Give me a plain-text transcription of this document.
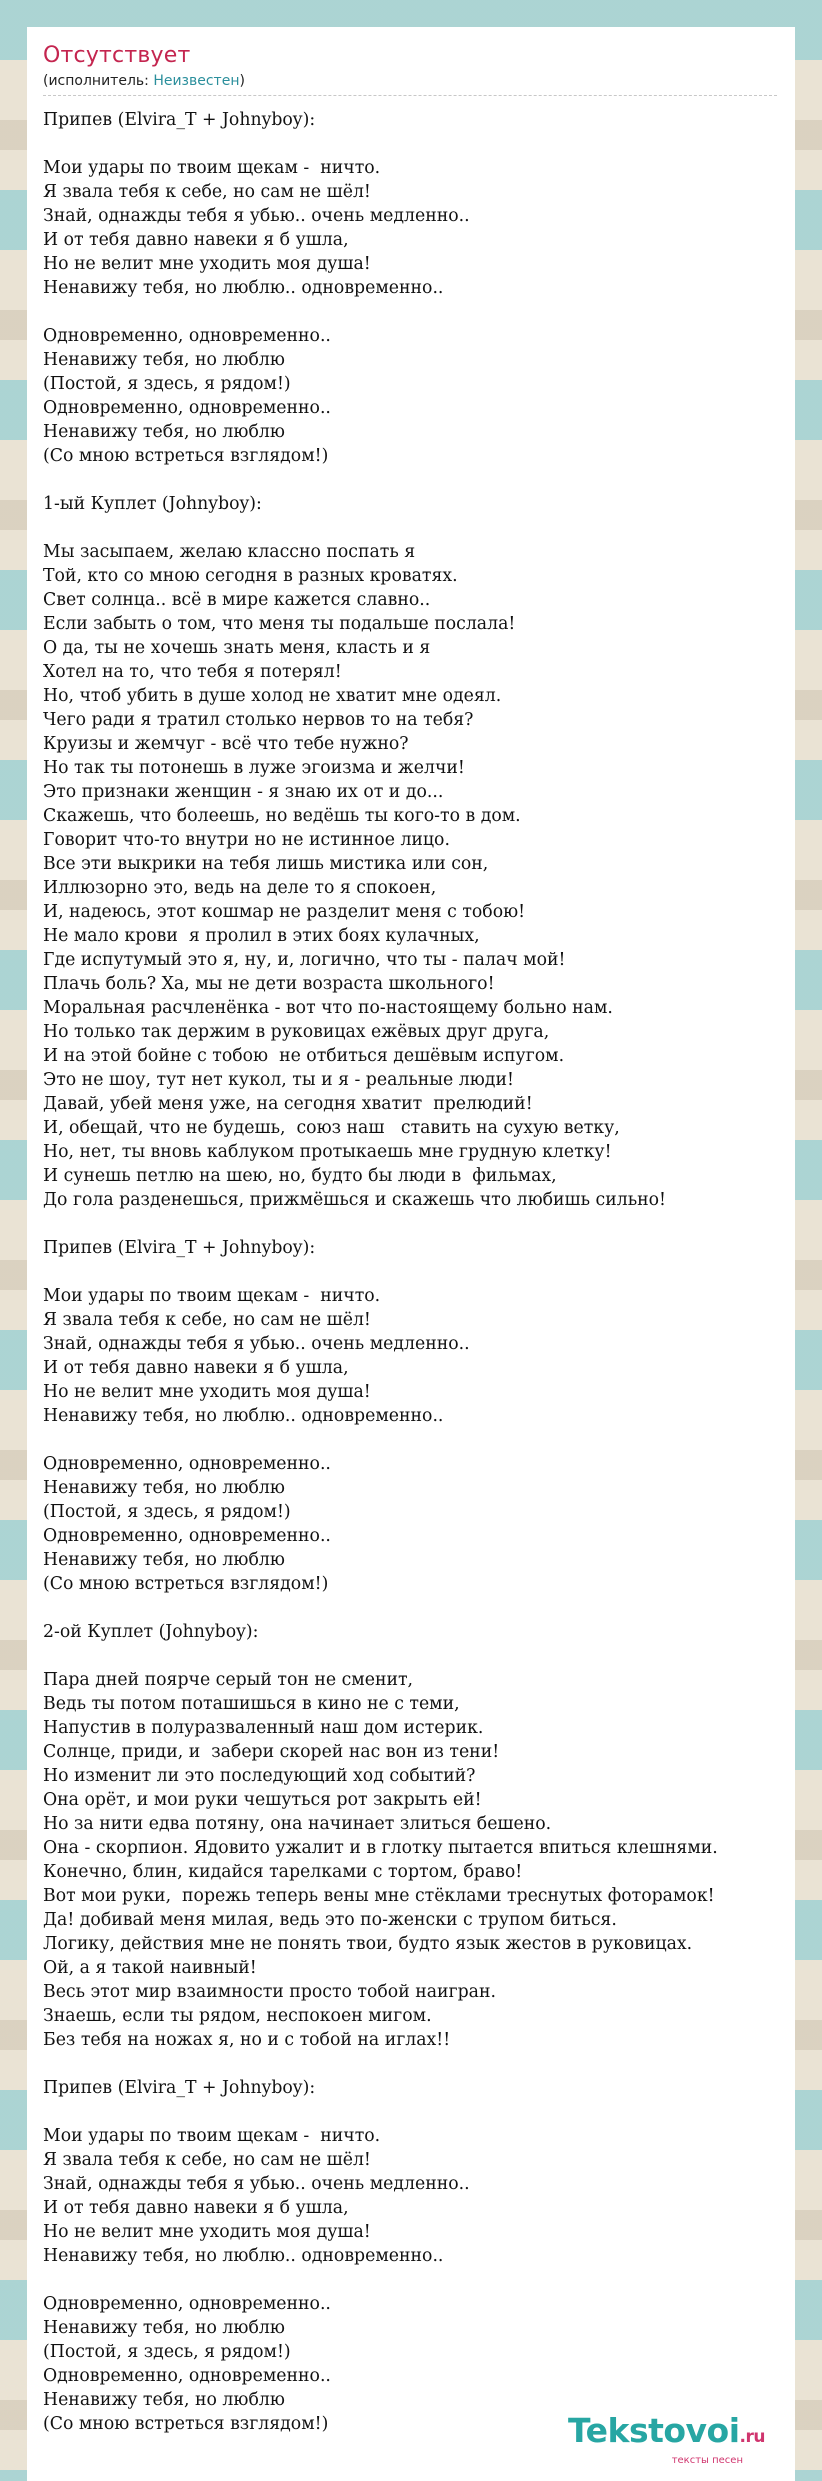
Отсутствует
(исполнитель: Неизвестен)
Припев (Elvira_T + Johnyboy):

Мои удары по твоим щекам -  ничто.
Я звала тебя к себе, но сам не шёл!
Знай, однажды тебя я убью.. очень медленно..
И от тебя давно навеки я б ушла,
Но не велит мне уходить моя душа!
Ненавижу тебя, но люблю.. одновременно..

Одновременно, одновременно..
Ненавижу тебя, но люблю
(Постой, я здесь, я рядом!)
Одновременно, одновременно..
Ненавижу тебя, но люблю
(Со мною встреться взглядом!)

1-ый Куплет (Johnyboy):

Мы засыпаем, желаю классно поспать я
Той, кто со мною сегодня в разных кроватях.
Свет солнца.. всё в мире кажется славно..
Если забыть о том, что меня ты подальше послала!
О да, ты не хочешь знать меня, класть и я
Хотел на то, что тебя я потерял!
Но, чтоб убить в душе холод не хватит мне одеял.
Чего ради я тратил столько нервов то на тебя?
Круизы и жемчуг - всё что тебе нужно?
Но так ты потонешь в луже эгоизма и желчи!
Это признаки женщин - я знаю их от и до...
Скажешь, что болеешь, но ведёшь ты кого-то в дом.
Говорит что-то внутри но не истинное лицо.
Все эти выкрики на тебя лишь мистика или сон,
Иллюзорно это, ведь на деле то я спокоен,
И, надеюсь, этот кошмар не разделит меня с тобою!
Не мало крови  я пролил в этих боях кулачных,
Где испутумый это я, ну, и, логично, что ты - палач мой!
Плачь боль? Ха, мы не дети возраста школьного!
Моральная расчленёнка - вот что по-настоящему больно нам.
Но только так держим в руковицах ежёвых друг друга,
И на этой бойне с тобою  не отбиться дешёвым испугом.
Это не шоу, тут нет кукол, ты и я - реальные люди!
Давай, убей меня уже, на сегодня хватит  прелюдий!
И, обещай, что не будешь,  союз наш   ставить на сухую ветку,
Но, нет, ты вновь каблуком протыкаешь мне грудную клетку!
И сунешь петлю на шею, но, будто бы люди в  фильмах,
До гола разденешься, прижмёшься и скажешь что любишь сильно!

Припев (Elvira_T + Johnyboy):

Мои удары по твоим щекам -  ничто.
Я звала тебя к себе, но сам не шёл!
Знай, однажды тебя я убью.. очень медленно..
И от тебя давно навеки я б ушла,
Но не велит мне уходить моя душа!
Ненавижу тебя, но люблю.. одновременно..

Одновременно, одновременно..
Ненавижу тебя, но люблю
(Постой, я здесь, я рядом!)
Одновременно, одновременно..
Ненавижу тебя, но люблю
(Со мною встреться взглядом!)

2-ой Куплет (Johnyboy):

Пара дней поярче серый тон не сменит,
Ведь ты потом поташишься в кино не с теми,
Напустив в полуразваленный наш дом истерик.
Солнце, приди, и  забери скорей нас вон из тени!
Но изменит ли это последующий ход событий?
Она орёт, и мои руки чешуться рот закрыть ей!
Но за нити едва потяну, она начинает злиться бешено.
Она - скорпион. Ядовито ужалит и в глотку пытается впиться клешнями.
Конечно, блин, кидайся тарелками с тортом, браво!
Вот мои руки,  порежь теперь вены мне стёклами треснутых фоторамок!
Да! добивай меня милая, ведь это по-женски с трупом биться.
Логику, действия мне не понять твои, будто язык жестов в руковицах.
Ой, а я такой наивный!
Весь этот мир взаимности просто тобой наигран.
Знаешь, если ты рядом, неспокоен мигом.
Без тебя на ножах я, но и с тобой на иглах!!

Припев (Elvira_T + Johnyboy):

Мои удары по твоим щекам -  ничто.
Я звала тебя к себе, но сам не шёл!
Знай, однажды тебя я убью.. очень медленно..
И от тебя давно навеки я б ушла,
Но не велит мне уходить моя душа!
Ненавижу тебя, но люблю.. одновременно..

Одновременно, одновременно..
Ненавижу тебя, но люблю
(Постой, я здесь, я рядом!)
Одновременно, одновременно..
Ненавижу тебя, но люблю
(Со мною встреться взглядом!)	Tekstovoi.ru
тексты песен
